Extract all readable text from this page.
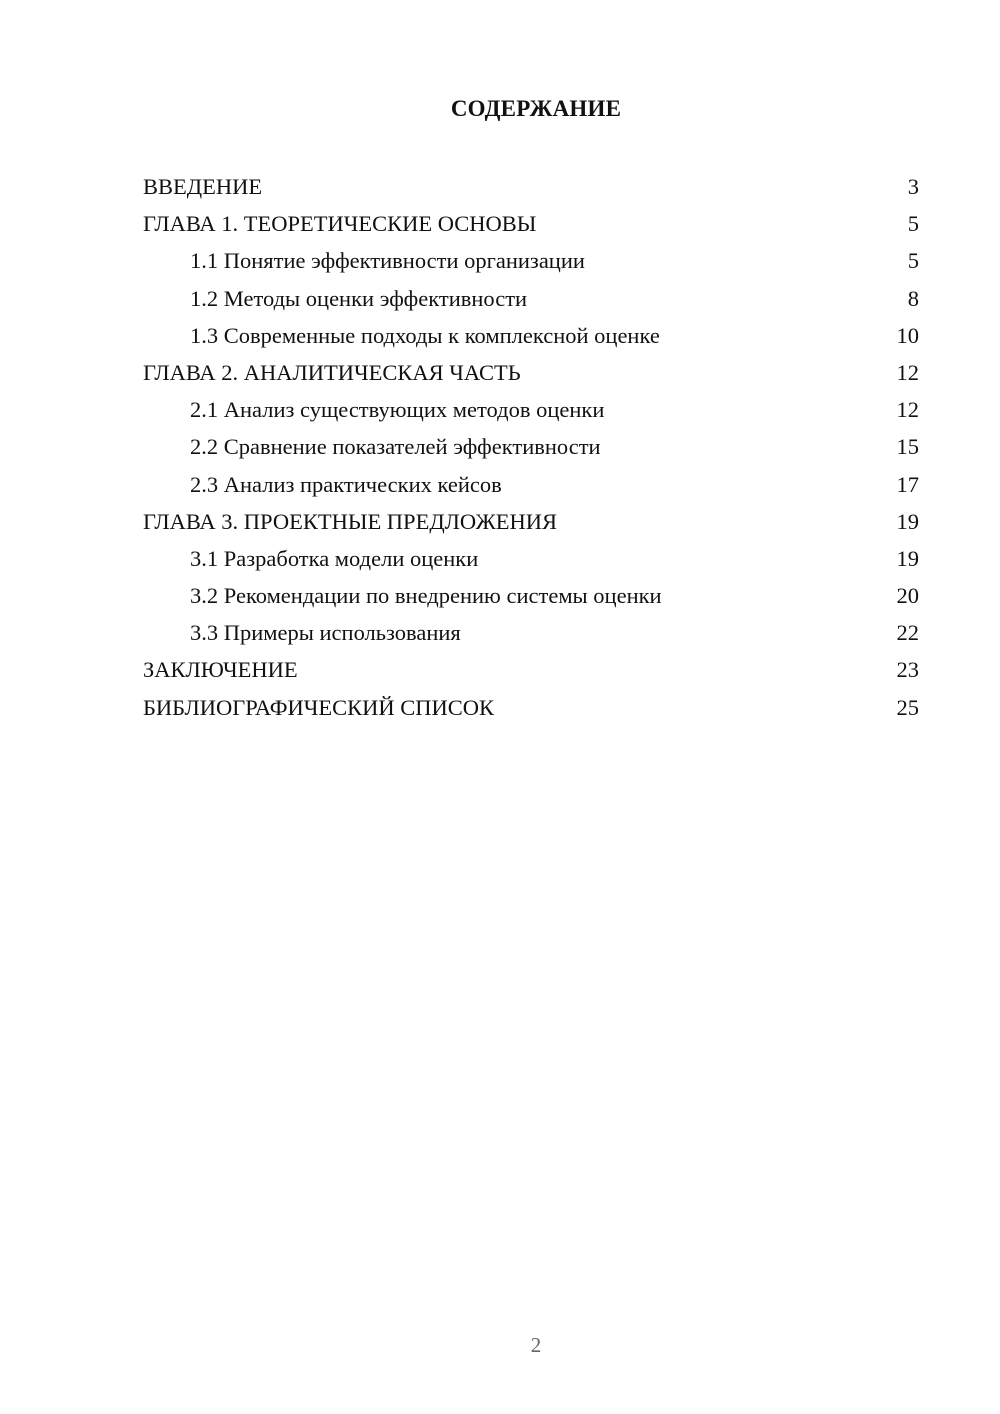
СОДЕРЖАНИЕ
ВВЕДЕНИЕ	3
ГЛАВА 1. ТЕОРЕТИЧЕСКИЕ ОСНОВЫ	5
1.1 Понятие эффективности организации	5
1.2 Методы оценки эффективности	8
1.3 Современные подходы к комплексной оценке	10
ГЛАВА 2. АНАЛИТИЧЕСКАЯ ЧАСТЬ	12
2.1 Анализ существующих методов оценки	12
2.2 Сравнение показателей эффективности	15
2.3 Анализ практических кейсов	17
ГЛАВА 3. ПРОЕКТНЫЕ ПРЕДЛОЖЕНИЯ	19
3.1 Разработка модели оценки	19
3.2 Рекомендации по внедрению системы оценки	20
3.3 Примеры использования	22
ЗАКЛЮЧЕНИЕ	23
БИБЛИОГРАФИЧЕСКИЙ СПИСОК	25
2
